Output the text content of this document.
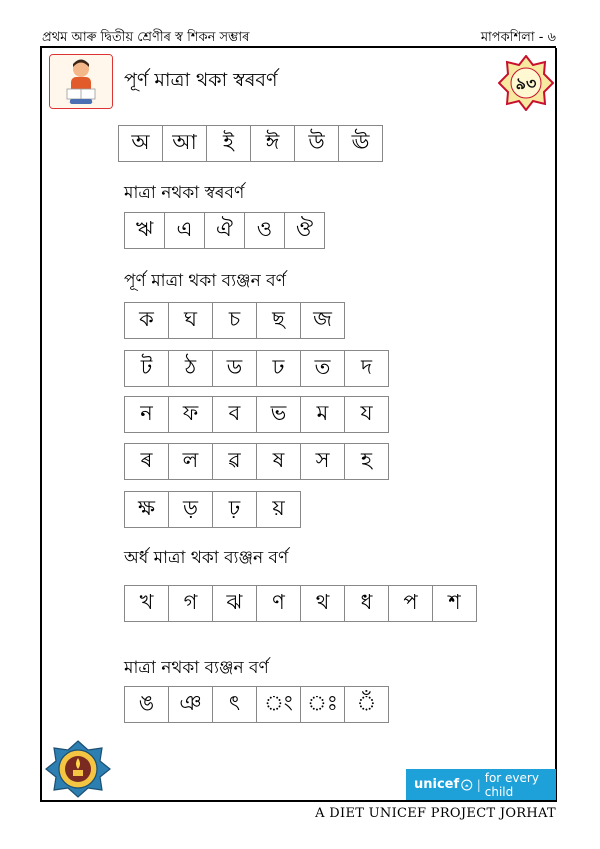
প্ৰথম আৰু দ্বিতীয় শ্ৰেণীৰ স্ব শিকন সম্ভাৰ	মাপকশিলা - ৬
পূৰ্ণ মাত্ৰা থকা স্বৰবৰ্ণ	৯৩
অ	আ	ই	ঈ	উ	ঊ
মাত্ৰা নথকা স্বৰবৰ্ণ
ঋ	এ	ঐ	ও	ঔ
পূৰ্ণ মাত্ৰা থকা ব্যঞ্জন বৰ্ণ
ক	ঘ	চ	ছ	জ
ট	ঠ	ড	ঢ	ত	দ
ন	ফ	ব	ভ	ম	য
ৰ	ল	ৱ	ষ	স	হ
ক্ষ	ড়	ঢ়	য়
অৰ্ধ মাত্ৰা থকা ব্যঞ্জন বৰ্ণ
খ	গ	ঝ	ণ	থ	ধ	প	শ
মাত্ৰা নথকা ব্যঞ্জন বৰ্ণ
ঙ	ঞ	ৎ	ং ঃ ঁ
unicef | for every child
A DIET UNICEF PROJECT JORHAT
